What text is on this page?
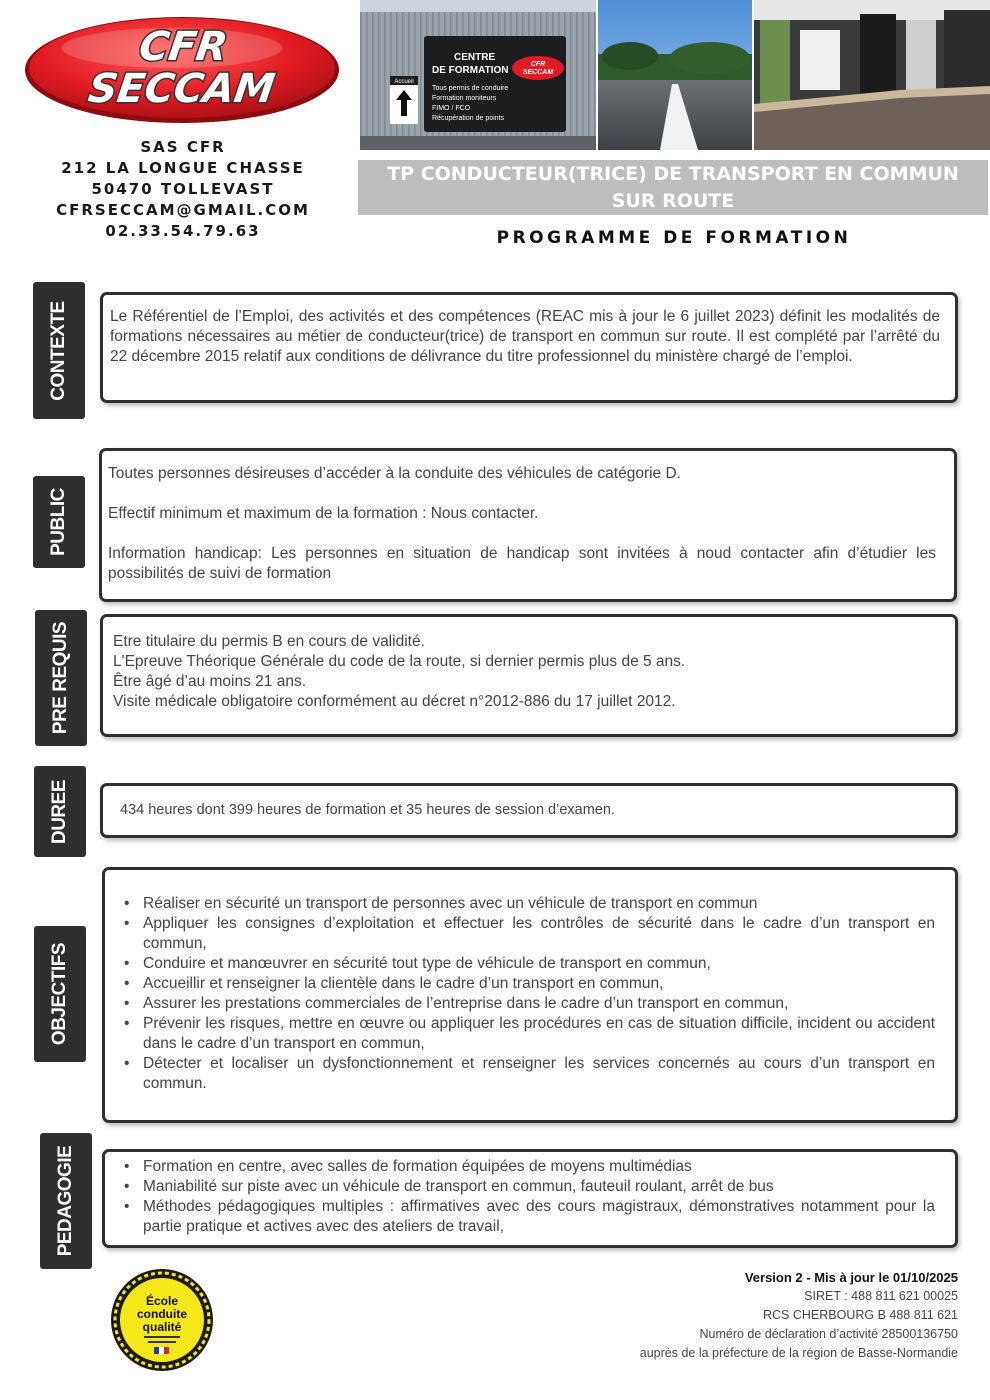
CFR
SECCAM
SAS CFR
212 LA LONGUE CHASSE
50470 TOLLEVAST
CFRSECCAM@GMAIL.COM
02.33.54.79.63
CENTRE
DE FORMATION
CFR
SECCAM
Tous permis de conduire
Formation moniteurs
FIMO / FCO
Récupération de points
Accueil
TP CONDUCTEUR(TRICE) DE TRANSPORT EN COMMUN
SUR ROUTE
PROGRAMME DE FORMATION
CONTEXTE	Le Référentiel de l’Emploi, des activités et des compétences (REAC mis à jour le 6 juillet 2023) définit les modalités de formations nécessaires au métier de conducteur(trice) de transport en commun sur route. Il est complété par l’arrêté du 22 décembre 2015 relatif aux conditions de délivrance du titre professionnel du ministère chargé de l’emploi.

PUBLIC

Toutes personnes désireuses d’accéder à la conduite des véhicules de catégorie D.

Effectif minimum et maximum de la formation : Nous contacter.

Information handicap: Les personnes en situation de handicap sont invitées à noud contacter afin d’étudier les possibilités de suivi de formation

PRE REQUIS	Etre titulaire du permis B en cours de validité.

L'Epreuve Théorique Générale du code de la route, si dernier permis plus de 5 ans.

Être âgé d’au moins 21 ans.

Visite médicale obligatoire conformément au décret n°2012-886 du 17 juillet 2012.

DUREE	434 heures dont 399 heures de formation et 35 heures de session d’examen.

OBJECTIFS
• Réaliser en sécurité un transport de personnes avec un véhicule de transport en commun
• Appliquer les consignes d’exploitation et effectuer les contrôles de sécurité dans le cadre d’un transport en commun,
• Conduire et manœuvrer en sécurité tout type de véhicule de transport en commun,
• Accueillir et renseigner la clientèle dans le cadre d’un transport en commun,
• Assurer les prestations commerciales de l’entreprise dans le cadre d’un transport en commun,
• Prévenir les risques, mettre en œuvre ou appliquer les procédures en cas de situation difficile, incident ou accident dans le cadre d’un transport en commun,
• Détecter et localiser un dysfonctionnement et renseigner les services concernés au cours d’un transport en commun.
PEDAGOGIE
•	Formation en centre, avec salles de formation équipées de moyens multimédias
• Maniabilité sur piste avec un véhicule de transport en commun, fauteuil roulant, arrêt de bus
• Méthodes pédagogiques multiples : affirmatives avec des cours magistraux, démonstratives notamment pour la partie pratique et actives avec des ateliers de travail,
École
conduite
qualité
Version 2 - Mis à jour le 01/10/2025
SIRET : 488 811 621 00025
RCS CHERBOURG B 488 811 621
Numéro de déclaration d’activité 28500136750
auprès de la préfecture de la région de Basse-Normandie
